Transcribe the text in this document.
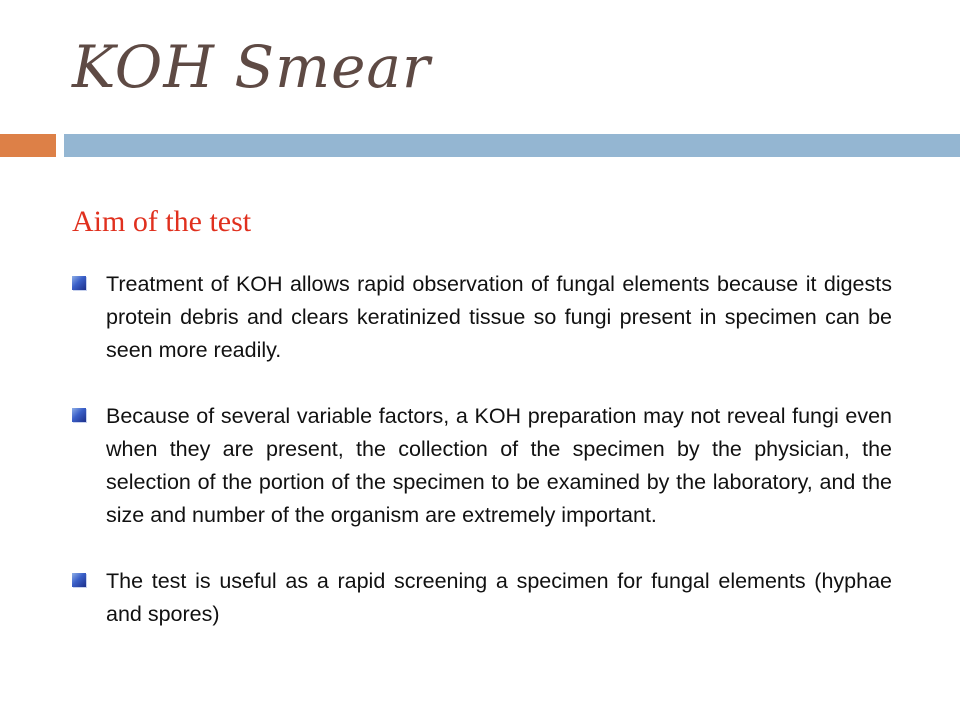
KOH Smear
Aim of the test
Treatment of KOH allows rapid observation of fungal elements because it digests protein debris and clears keratinized tissue so fungi present in specimen can be seen more readily.
Because of several variable factors, a KOH preparation may not reveal fungi even when they are present, the collection of the specimen by the physician, the selection of the portion of the specimen to be examined by the laboratory, and the size and number of the organism are extremely important.
The test is useful as a rapid screening a specimen for fungal elements (hyphae and spores)
